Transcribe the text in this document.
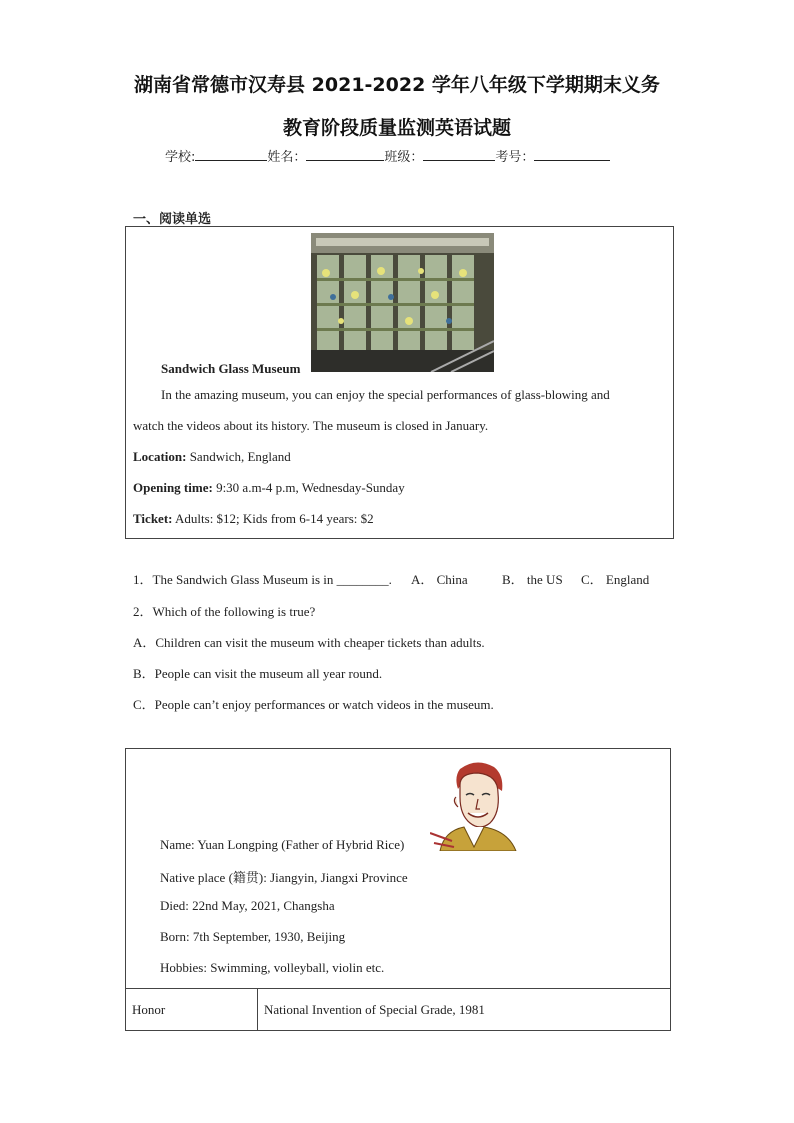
湖南省常德市汉寿县 2021-2022 学年八年级下学期期末义务
教育阶段质量监测英语试题
学校:	姓名：	班级：	考号：
一、阅读单选
Sandwich Glass Museum
In the amazing museum, you can enjoy the special performances of glass-blowing and
watch the videos about its history. The museum is closed in January.
Location: Sandwich, England
Opening time: 9:30 a.m-4 p.m, Wednesday-Sunday
Ticket: Adults: $12; Kids from 6-14 years: $2
1．The Sandwich Glass Museum is in ________. A． China	B． the US C． England
2．Which of the following is true?
A．Children can visit the museum with cheaper tickets than adults.
B．People can visit the museum all year round.
C．People can’t enjoy performances or watch videos in the museum.
Name: Yuan Longping (Father of Hybrid Rice)
Native place (籍贯): Jiangyin, Jiangxi Province
Died: 22nd May, 2021, Changsha
Born: 7th September, 1930, Beijing
Hobbies: Swimming, volleyball, violin etc.
Honor	National Invention of Special Grade, 1981
